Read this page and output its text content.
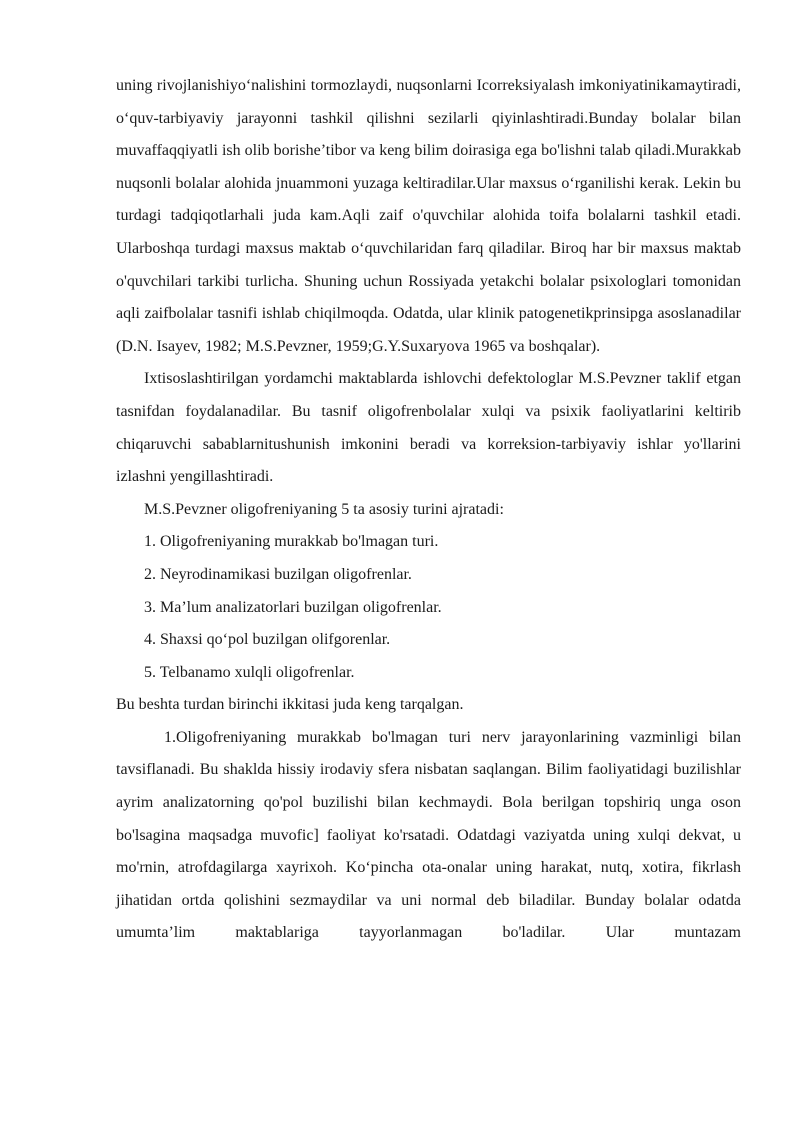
uning rivojlanishiyo‘nalishini tormozlaydi, nuqsonlarni Icorreksiyalash imkoniyatinikamaytiradi, o‘quv-tarbiyaviy jarayonni tashkil qilishni sezilarli qiyinlashtiradi.Bunday bolalar bilan muvaffaqqiyatli ish olib borishe’tibor va keng bilim doirasiga ega bo'lishni talab qiladi.Murakkab nuqsonli bolalar alohida jnuammoni yuzaga keltiradilar.Ular maxsus o‘rganilishi kerak. Lekin bu turdagi tadqiqotlarhali juda kam.Aqli zaif o'quvchilar alohida toifa bolalarni tashkil etadi. Ularboshqa turdagi maxsus maktab o‘quvchilaridan farq qiladilar. Biroq har bir maxsus maktab o'quvchilari tarkibi turlicha. Shuning uchun Rossiyada yetakchi bolalar psixologlari tomonidan aqli zaifbolalar tasnifi ishlab chiqilmoqda. Odatda, ular klinik patogenetikprinsipga asoslanadilar (D.N. Isayev, 1982; M.S.Pevzner, 1959;G.Y.Suxaryova 1965 va boshqalar).

Ixtisoslashtirilgan yordamchi maktablarda ishlovchi defektologlar M.S.Pevzner taklif etgan tasnifdan foydalanadilar. Bu tasnif oligofrenbolalar xulqi va psixik faoliyatlarini keltirib chiqaruvchi sabablarnitushunish imkonini beradi va korreksion-tarbiyaviy ishlar yo'llarini izlashni yengillashtiradi.

M.S.Pevzner oligofreniyaning 5 ta asosiy turini ajratadi:

1. Oligofreniyaning murakkab bo'lmagan turi.

2. Neyrodinamikasi buzilgan oligofrenlar.

3. Ma’lum analizatorlari buzilgan oligofrenlar.

4. Shaxsi qo‘pol buzilgan olifgorenlar.

5. Telbanamo xulqli oligofrenlar.

Bu beshta turdan birinchi ikkitasi juda keng tarqalgan.

1.Oligofreniyaning murakkab bo'lmagan turi nerv jarayonlarining vazminligi bilan tavsiflanadi. Bu shaklda hissiy irodaviy sfera nisbatan saqlangan. Bilim faoliyatidagi buzilishlar ayrim analizatorning qo'pol buzilishi bilan kechmaydi. Bola berilgan topshiriq unga oson bo'lsagina maqsadga muvofic] faoliyat ko'rsatadi. Odatdagi vaziyatda uning xulqi dekvat, u mo'rnin, atrofdagilarga xayrixoh. Ko‘pincha ota-onalar uning harakat, nutq, xotira, fikrlash jihatidan ortda qolishini sezmaydilar va uni normal deb biladilar. Bunday bolalar odatda umumta’lim maktablariga tayyorlanmagan bo'ladilar. Ular muntazam
